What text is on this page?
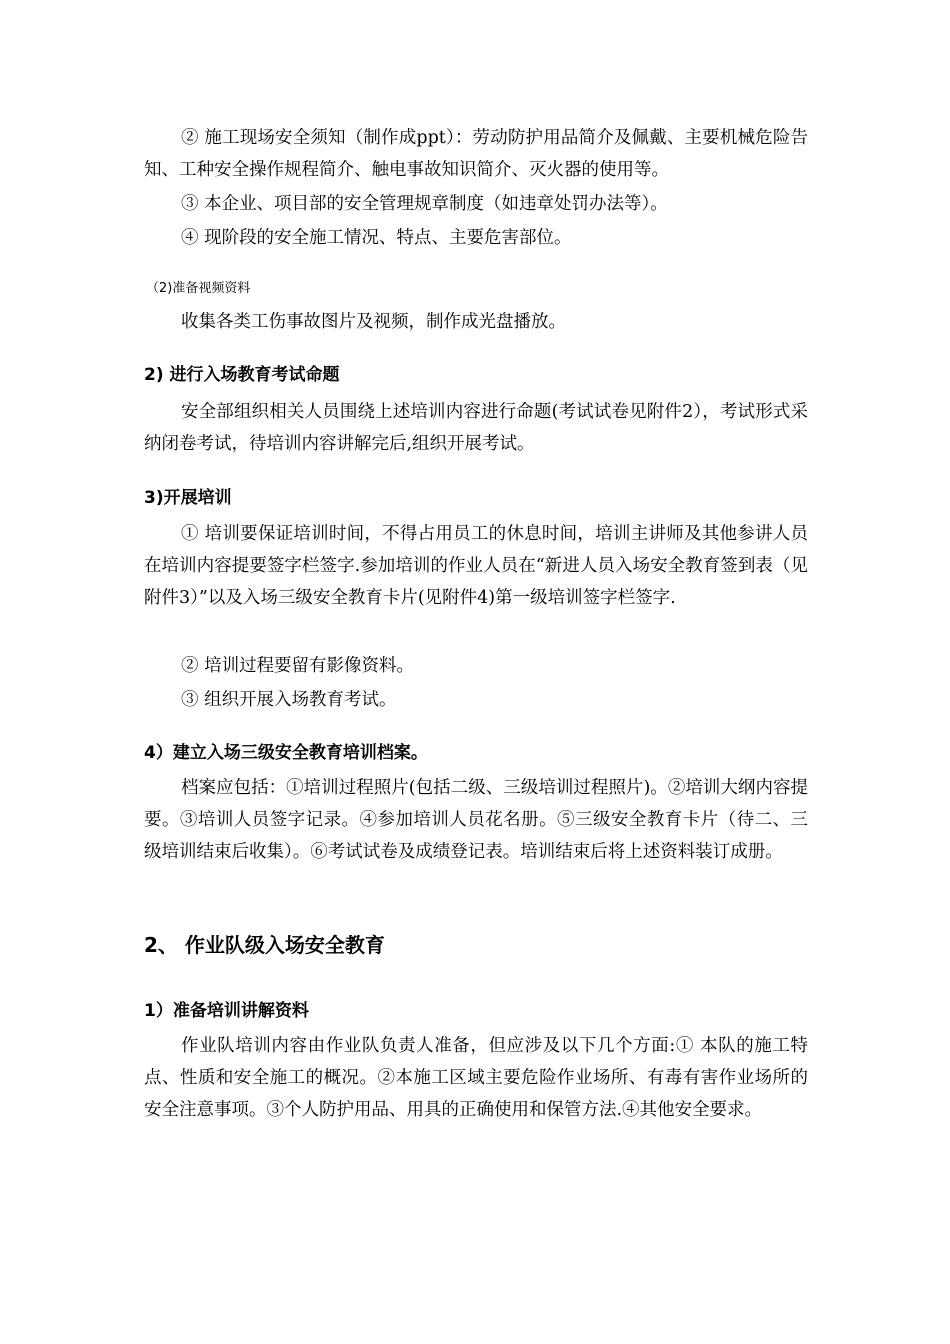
② 施工现场安全须知（制作成ppt）：劳动防护用品简介及佩戴、主要机械危险告知、工种安全操作规程简介、触电事故知识简介、灭火器的使用等。

③ 本企业、项目部的安全管理规章制度（如违章处罚办法等）。

④ 现阶段的安全施工情况、特点、主要危害部位。

（2)准备视频资料

收集各类工伤事故图片及视频，制作成光盘播放。

2) 进行入场教育考试命题

安全部组织相关人员围绕上述培训内容进行命题(考试试卷见附件2），考试形式采纳闭卷考试，待培训内容讲解完后,组织开展考试。

3)开展培训

① 培训要保证培训时间，不得占用员工的休息时间，培训主讲师及其他参讲人员在培训内容提要签字栏签字.参加培训的作业人员在“新进人员入场安全教育签到表（见附件3）”以及入场三级安全教育卡片(见附件4)第一级培训签字栏签字.

② 培训过程要留有影像资料。

③ 组织开展入场教育考试。

4）建立入场三级安全教育培训档案。

档案应包括：①培训过程照片(包括二级、三级培训过程照片)。②培训大纲内容提要。③培训人员签字记录。④参加培训人员花名册。⑤三级安全教育卡片（待二、三级培训结束后收集）。⑥考试试卷及成绩登记表。培训结束后将上述资料装订成册。

2、 作业队级入场安全教育

1）准备培训讲解资料

作业队培训内容由作业队负责人准备，但应涉及以下几个方面:① 本队的施工特点、性质和安全施工的概况。②本施工区域主要危险作业场所、有毒有害作业场所的安全注意事项。③个人防护用品、用具的正确使用和保管方法.④其他安全要求。
